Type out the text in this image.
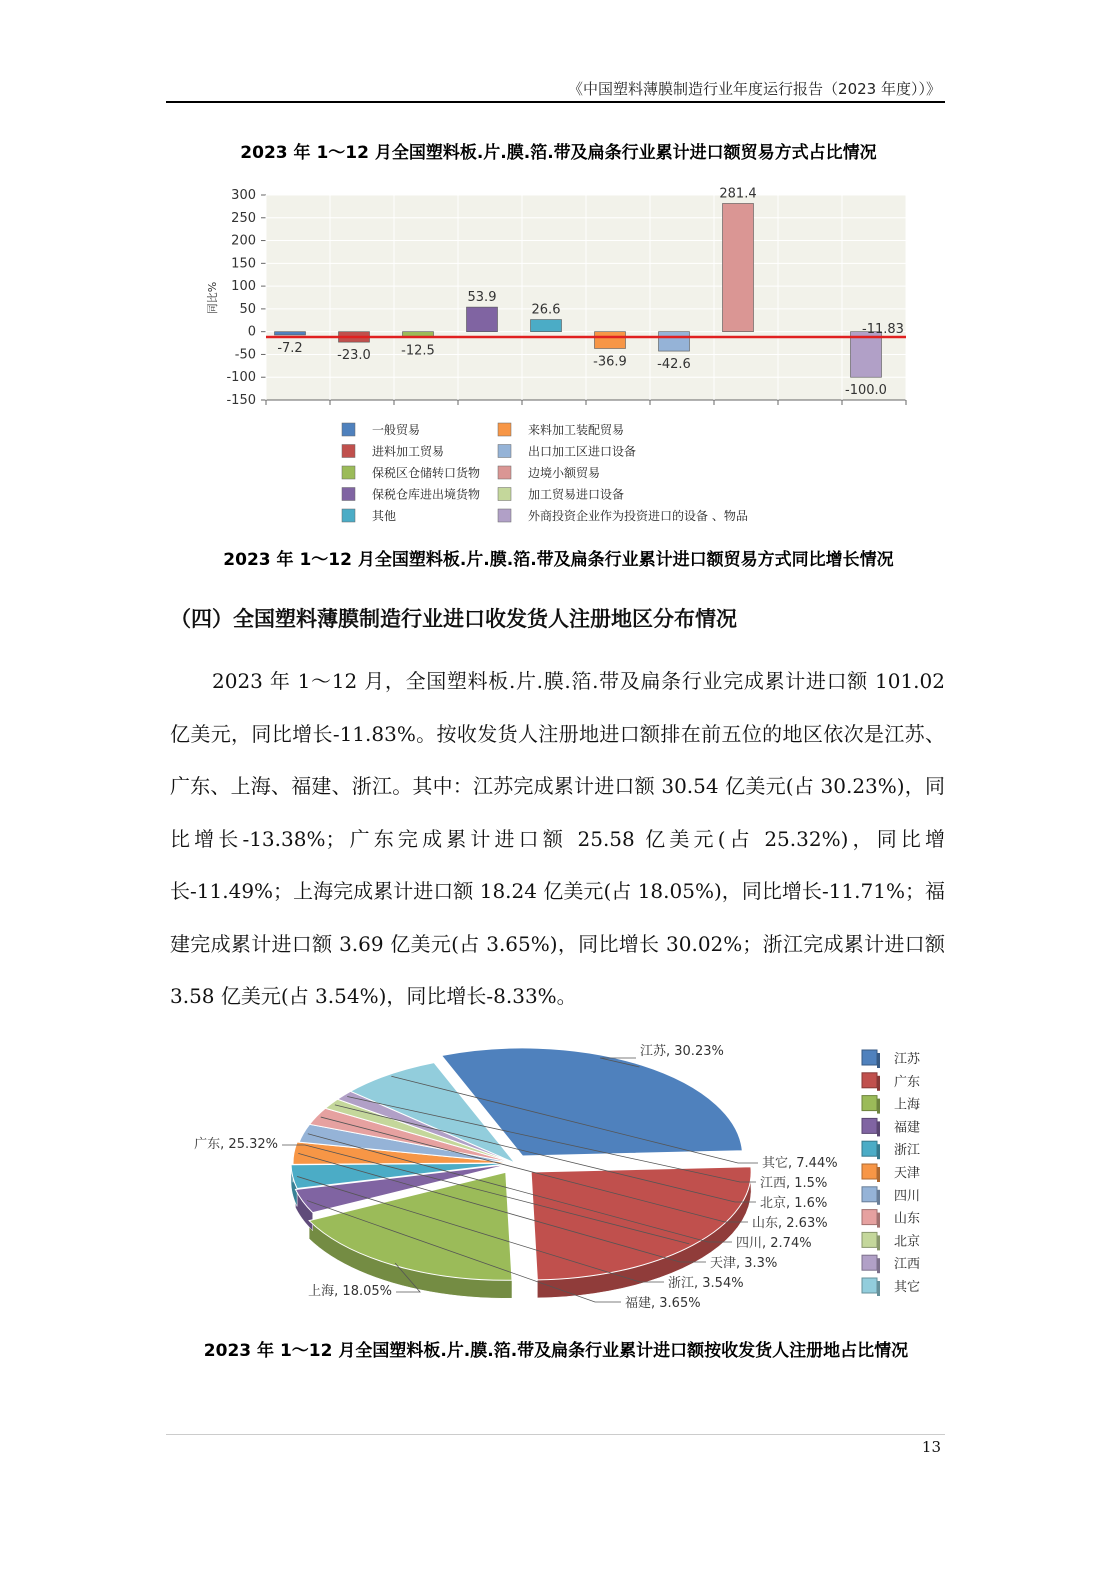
《中国塑料薄膜制造行业年度运行报告（2023 年度））》
2023 年 1～12 月全国塑料板.片.膜.箔.带及扁条行业累计进口额贸易方式占比情况
300
250
200
150
100
50
0
-50
-100
-150
同比%
-7.2	-23.0 -12.5
53.9
26.6
-36.9 -42.6
281.4
-100.0
-11.83
一般贸易	来料加工装配贸易
进料加工贸易	出口加工区进口设备
保税区仓储转口货物	边境小额贸易
保税仓库进出境货物	加工贸易进口设备
其他	外商投资企业作为投资进口的设备 、物品
2023 年 1～12 月全国塑料板.片.膜.箔.带及扁条行业累计进口额贸易方式同比增长情况
（四）全国塑料薄膜制造行业进口收发货人注册地区分布情况

2023 年 1～12 月，全国塑料板.片.膜.箔.带及扁条行业完成累计进口额 101.02 亿美元，同比增长-11.83%。按收发货人注册地进口额排在前五位的地区依次是江苏、广东、上海、福建、浙江。其中：江苏完成累计进口额 30.54 亿美元(占 30.23%)，同比增长-13.38%；广东完成累计进口额 25.58 亿美元(占 25.32%)，同比增长-11.49%；上海完成累计进口额 18.24 亿美元(占 18.05%)，同比增长-11.71%；福建完成累计进口额 3.69 亿美元(占 3.65%)，同比增长 30.02%；浙江完成累计进口额 3.58 亿美元(占 3.54%)，同比增长-8.33%。

江苏, 30.23%
广东, 25.32%
上海, 18.05%
福建, 3.65%
浙江, 3.54%
天津, 3.3%
四川, 2.74%
山东, 2.63%
北京, 1.6%
江西, 1.5%
其它, 7.44%
江苏
广东
上海
福建
浙江
天津
四川
山东
北京
江西
其它
2023 年 1～12 月全国塑料板.片.膜.箔.带及扁条行业累计进口额按收发货人注册地占比情况
13
